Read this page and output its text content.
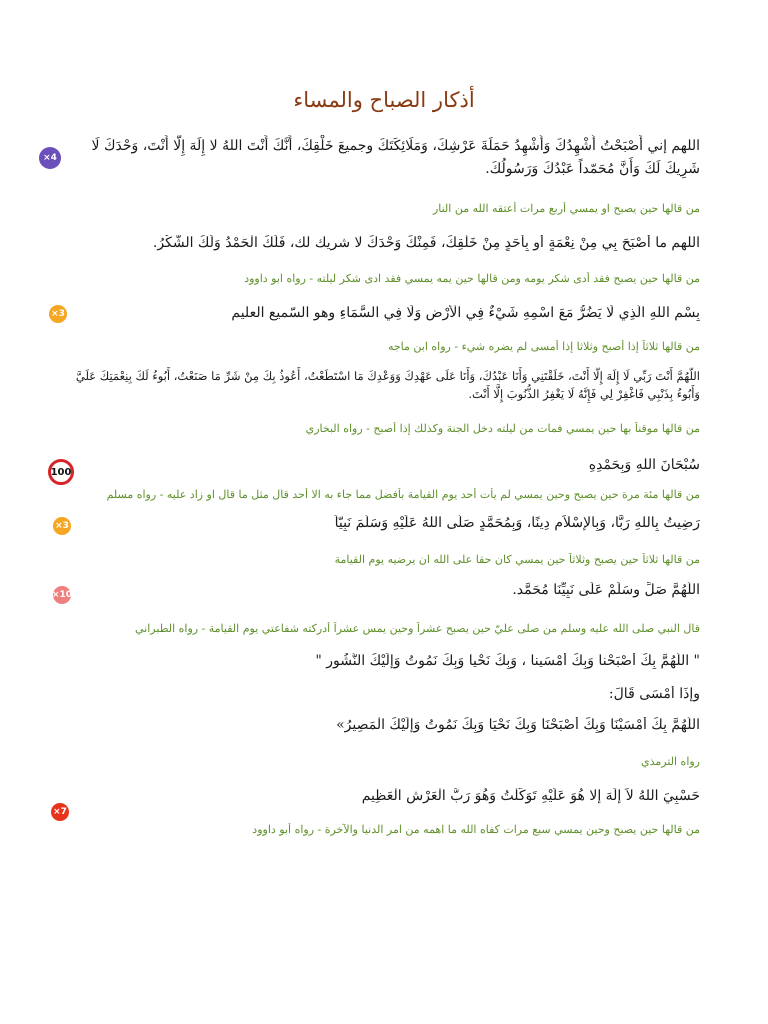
أذكار الصباح والمساء
اللهم إني أَصْبَحْتُ أُشْهِدُكَ وَأُشْهِدُ حَمَلَةَ عَرْشِكَ، وَمَلَائِكَتَكَ وجميعَ خَلْقِكَ، أَنَّكَ أَنْتَ اللهُ لا إِلَهَ إِلَّا أَنْتَ، وَحْدَكَ لَا شَرِيكَ لَكَ وَأَنَّ مُحَمّداً عَبْدُكَ وَرَسُولُكَ.
×4
من قالها حين يصبح او يمسي أربع مرات أعتقه الله من النار
اللهم ما أَصْبَحَ بِي مِنْ نِعْمَةٍ أَو بِأَحَدٍ مِنْ خَلْقِكَ، فَمِنْكَ وَحْدَكَ لا شريك لك، فَلَكَ الْحَمْدُ وَلَكَ الشُّكْرُ.
من قالها حين يصبح فقد أدى شكر يومه ومن قالها حين يمه يمسي فقد ادى شكر ليلته - رواه ابو داوود
بِسْمِ اللهِ الَّذِي لَا يَضُرُّ مَعَ اسْمِهِ شَيْءٌ فِي الْأَرْضِ وَلَا فِي السَّمَاءِ وهو السّميع العليم
×3
من قالها ثلاثاً إذا أصبح وثلاثا إذا أمسى لم يضره شيء - رواه ابن ماجه
اللَّهُمَّ أَنْتَ رَبِّي لَا إِلَهَ إِلَّا أَنْتَ، خَلَقْتَنِي وَأَنَا عَبْدُكَ، وَأَنَا عَلَى عَهْدِكَ وَوَعْدِكَ مَا اسْتَطَعْتُ، أَعُوذُ بِكَ مِنْ شَرِّ مَا صَنَعْتُ، أَبُوءُ لَكَ بِنِعْمَتِكَ عَلَيَّ وَأَبُوءُ بِذَنْبِي فَاغْفِرْ لِي فَإِنَّهُ لَا يَغْفِرُ الذُّنُوبَ إِلَّا أَنْتَ.
من قالها موقناً بها حين يمسي فمات من ليلته دخل الجنة وكذلك إذا أصبح - رواه البخاري
سُبْحَانَ اللهِ وَبِحَمْدِهِ
100
من قالها مئة مرة حين يصبح وحين يمسي لم يأت أحد يوم القيامة بأفضل مما جاء به الا أحد قال مثل ما قال او زاد عليه - رواه مسلم
رَضِيتُ بِاللهِ رَبًّا، وَبِالإِسْلاَمِ دِينًا، وَبِمُحَمَّدٍ صَلَّى اللهُ عَلَيْهِ وَسَلَّمَ نَبِيّاً
×3
من قالها ثلاثاً حين يصبح وثلاثاً حين يمسي كان حقا على الله ان يرضيه يوم القيامة
اللَّهُمَّ صَلِّ وسَلِّمْ عَلَى نَبِيِّنَا مُحَمَّد.
×10
قال النبي صلى الله عليه وسلم من صلى عليّ حين يصبح عشراً وحين يمس عشراً أدركته شفاعتي يوم القيامة - رواه الطبراني
" اللَّهُمَّ بِكَ أَصْبَحْنا وَبِكَ أَمْسَينا ، وَبِكَ نَحْيا وَبِكَ نَمُوتُ وَإِلَيْكَ النُّشُور "
وإِذَا أَمْسَى قَالَ:
اللَّهُمَّ بِكَ أَمْسَيْنَا وَبِكَ أَصْبَحْنَا وَبِكَ نَحْيَا وَبِكَ نَمُوتُ وَإِلَيْكَ الْمَصِيرُ»
رواه الترمذي
حَسْبِيَ اللهُ لاَ إِلَهَ إِلا هُوَ عَلَيْهِ تَوَكَّلْتُ وَهُوَ رَبُّ الْعَرْشِ الْعَظِيمِ
×7
من قالها حين يصبح وحين يمسي سبع مرات كفاه الله ما اهمه من امر الدنيا والآخرة - رواه أبو داوود
